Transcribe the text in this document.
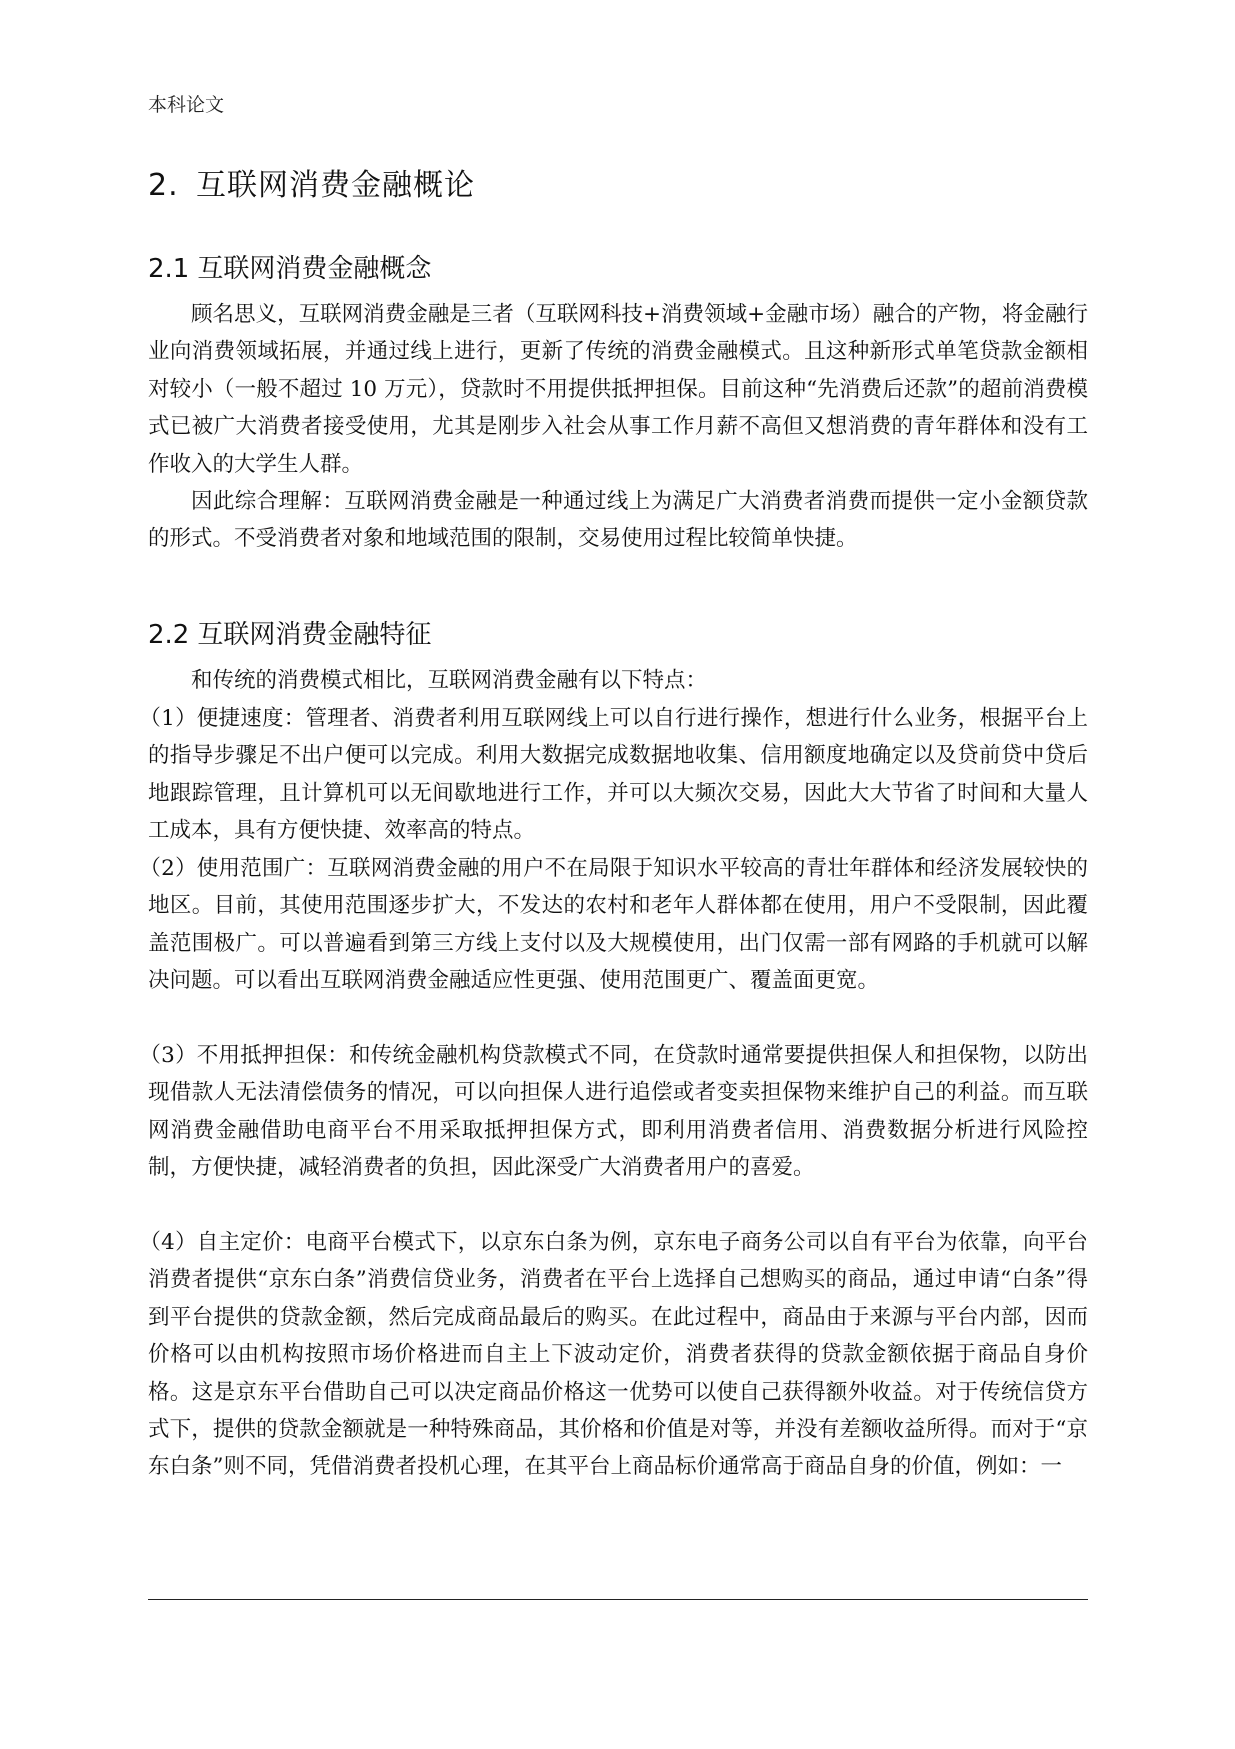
本科论文
2. 互联网消费金融概论
2.1 互联网消费金融概念
顾名思义，互联网消费金融是三者（互联网科技+消费领域+金融市场）融合的产物，将金融行业向消费领域拓展，并通过线上进行，更新了传统的消费金融模式。且这种新形式单笔贷款金额相对较小（一般不超过 10 万元），贷款时不用提供抵押担保。目前这种“先消费后还款”的超前消费模式已被广大消费者接受使用，尤其是刚步入社会从事工作月薪不高但又想消费的青年群体和没有工作收入的大学生人群。
因此综合理解：互联网消费金融是一种通过线上为满足广大消费者消费而提供一定小金额贷款的形式。不受消费者对象和地域范围的限制，交易使用过程比较简单快捷。
2.2 互联网消费金融特征
和传统的消费模式相比，互联网消费金融有以下特点：
（1）便捷速度：管理者、消费者利用互联网线上可以自行进行操作，想进行什么业务，根据平台上的指导步骤足不出户便可以完成。利用大数据完成数据地收集、信用额度地确定以及贷前贷中贷后地跟踪管理，且计算机可以无间歇地进行工作，并可以大频次交易，因此大大节省了时间和大量人工成本，具有方便快捷、效率高的特点。
（2）使用范围广：互联网消费金融的用户不在局限于知识水平较高的青壮年群体和经济发展较快的地区。目前，其使用范围逐步扩大，不发达的农村和老年人群体都在使用，用户不受限制，因此覆盖范围极广。可以普遍看到第三方线上支付以及大规模使用，出门仅需一部有网路的手机就可以解决问题。可以看出互联网消费金融适应性更强、使用范围更广、覆盖面更宽。
（3）不用抵押担保：和传统金融机构贷款模式不同，在贷款时通常要提供担保人和担保物，以防出现借款人无法清偿债务的情况，可以向担保人进行追偿或者变卖担保物来维护自己的利益。而互联网消费金融借助电商平台不用采取抵押担保方式，即利用消费者信用、消费数据分析进行风险控制，方便快捷，减轻消费者的负担，因此深受广大消费者用户的喜爱。
（4）自主定价：电商平台模式下，以京东白条为例，京东电子商务公司以自有平台为依靠，向平台消费者提供“京东白条”消费信贷业务，消费者在平台上选择自己想购买的商品，通过申请“白条”得到平台提供的贷款金额，然后完成商品最后的购买。在此过程中，商品由于来源与平台内部，因而价格可以由机构按照市场价格进而自主上下波动定价，消费者获得的贷款金额依据于商品自身价格。这是京东平台借助自己可以决定商品价格这一优势可以使自己获得额外收益。对于传统信贷方式下，提供的贷款金额就是一种特殊商品，其价格和价值是对等，并没有差额收益所得。而对于“京东白条”则不同，凭借消费者投机心理，在其平台上商品标价通常高于商品自身的价值，例如：一
